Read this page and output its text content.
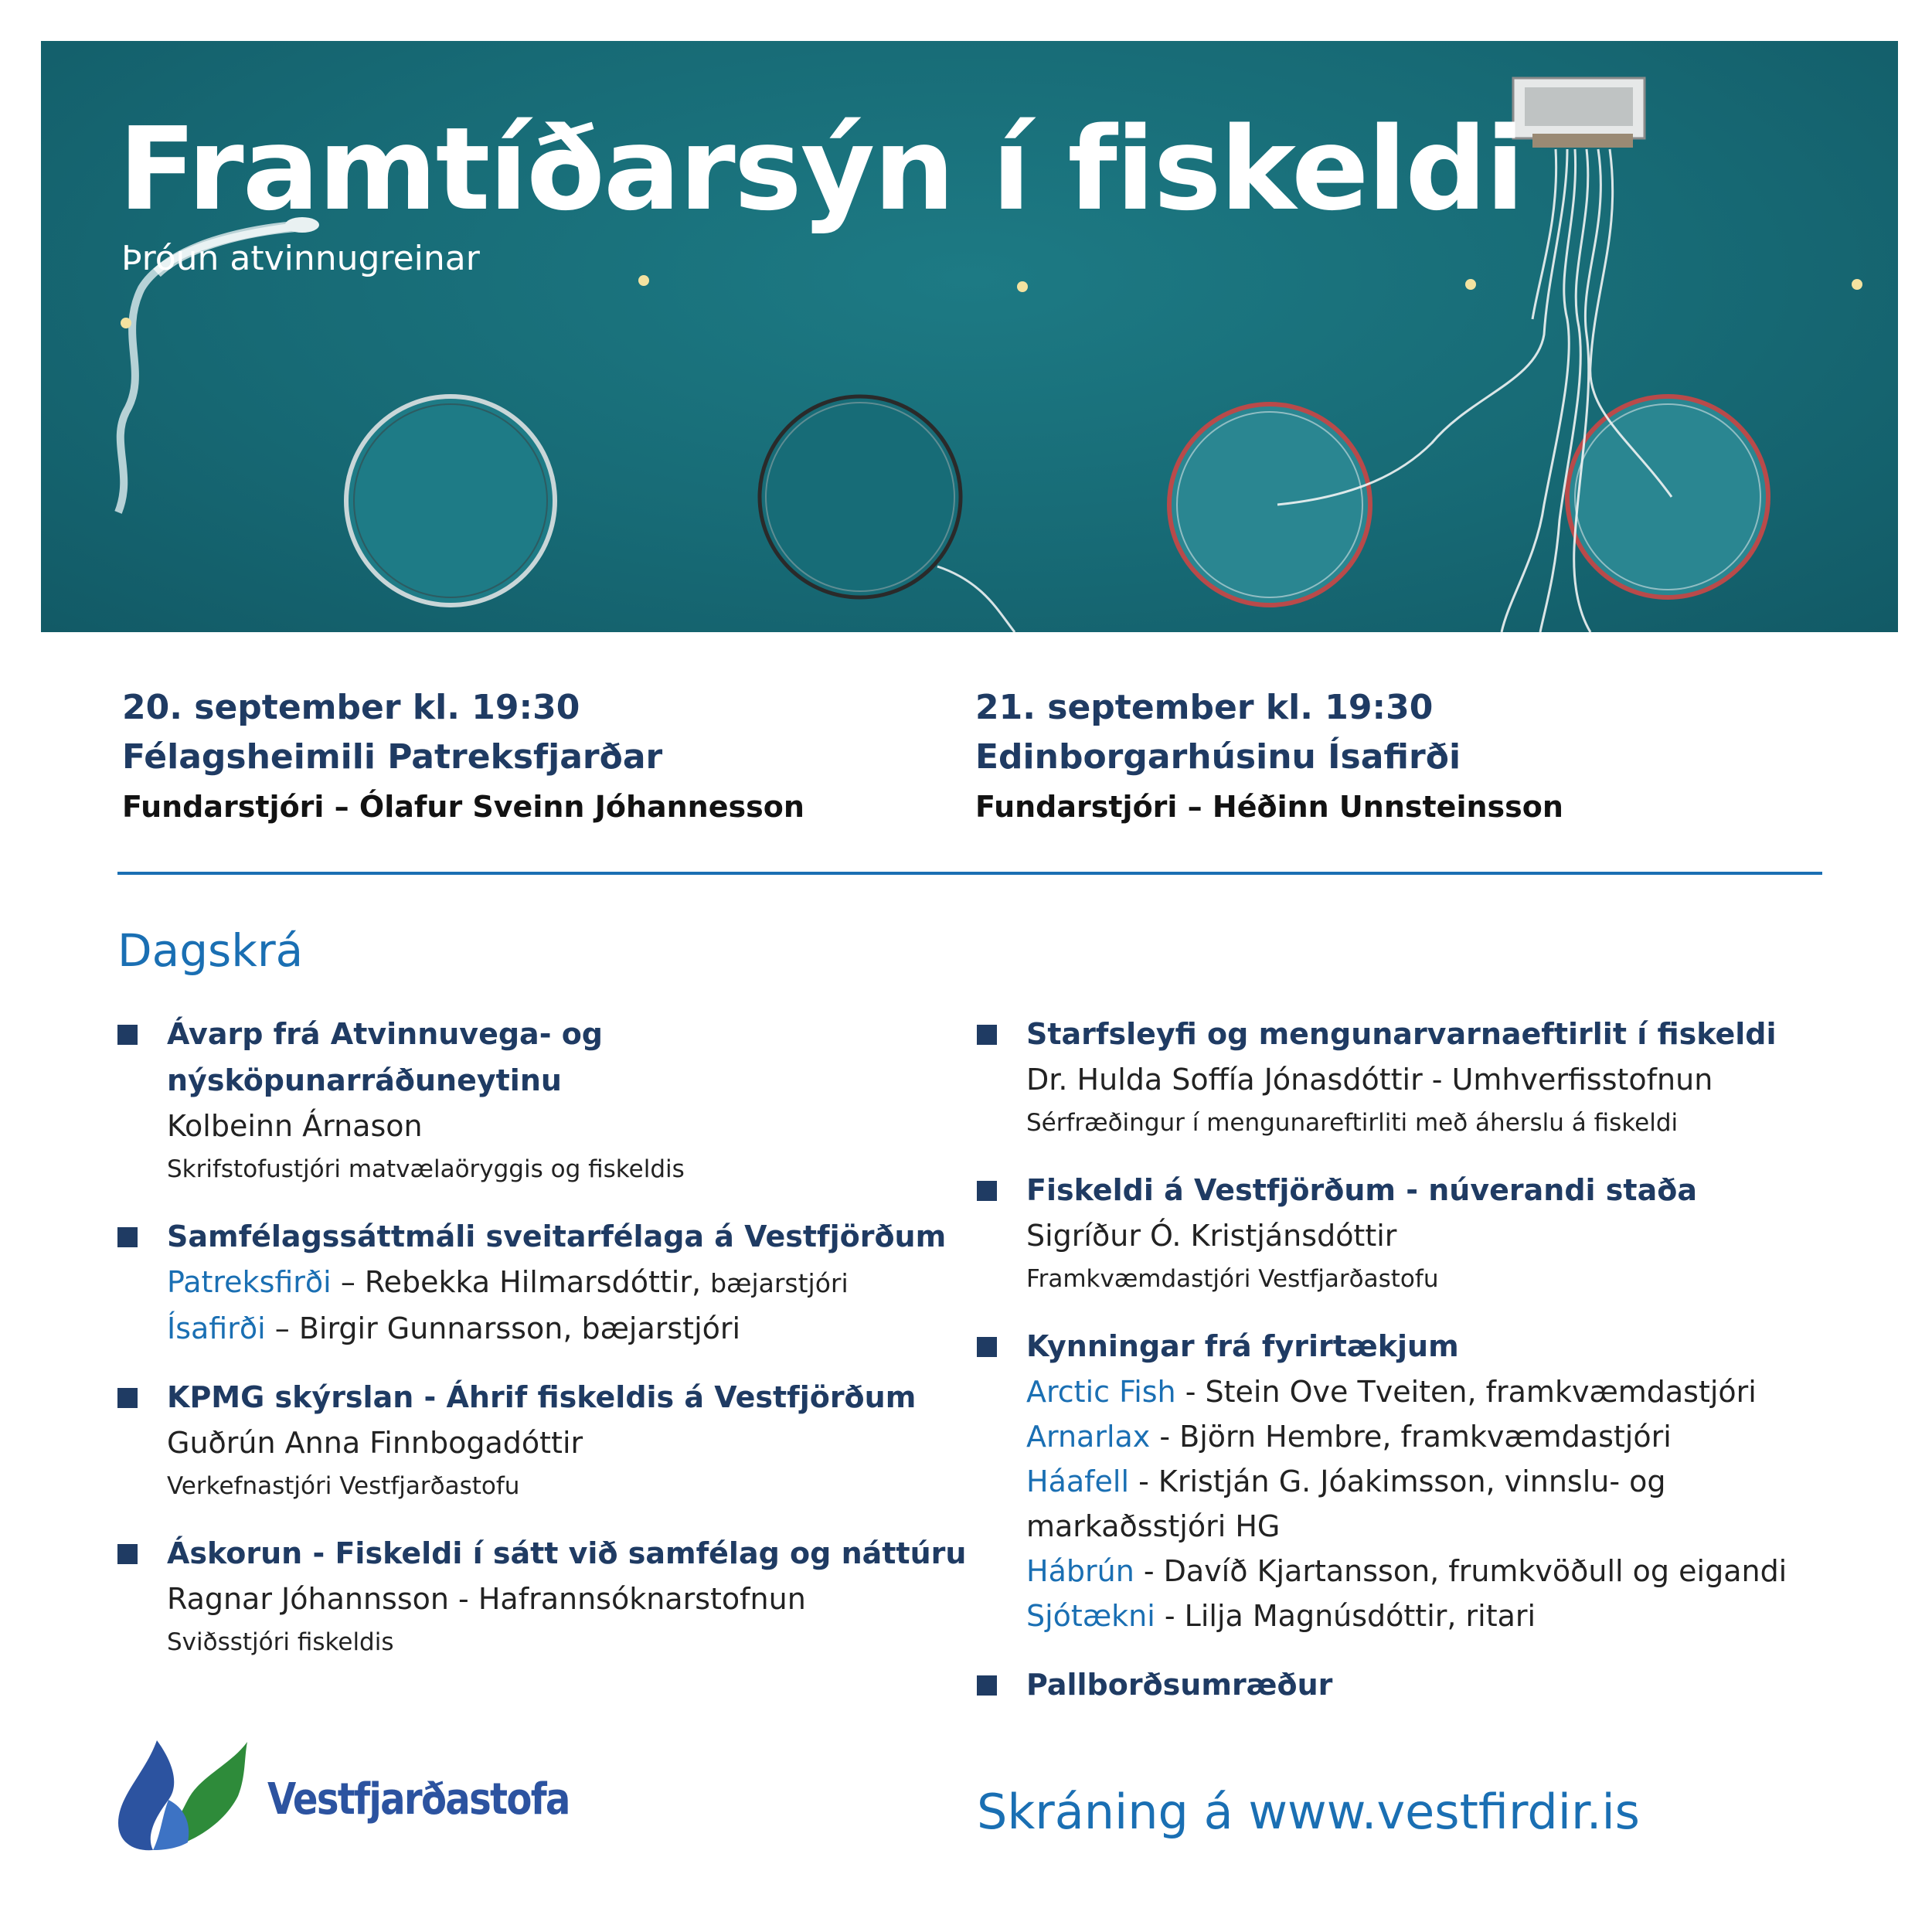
Framtíðarsýn í fiskeldi
Þróun atvinnugreinar
20. september kl. 19:30
Félagsheimili Patreksfjarðar
Fundarstjóri – Ólafur Sveinn Jóhannesson
21. september kl. 19:30
Edinborgarhúsinu Ísafirði
Fundarstjóri – Héðinn Unnsteinsson
Dagskrá
Ávarp frá Atvinnuvega- og nýsköpunarráðuneytinu
Kolbeinn Árnason
Skrifstofustjóri matvælaöryggis og fiskeldis
Samfélagssáttmáli sveitarfélaga á Vestfjörðum
Patreksfirði – Rebekka Hilmarsdóttir, bæjarstjóri
Ísafirði – Birgir Gunnarsson, bæjarstjóri
KPMG skýrslan - Áhrif fiskeldis á Vestfjörðum
Guðrún Anna Finnbogadóttir
Verkefnastjóri Vestfjarðastofu
Áskorun - Fiskeldi í sátt við samfélag og náttúru
Ragnar Jóhannsson - Hafrannsóknarstofnun
Sviðsstjóri fiskeldis
Starfsleyfi og mengunarvarnaeftirlit í fiskeldi
Dr. Hulda Soffía Jónasdóttir - Umhverfisstofnun
Sérfræðingur í mengunareftirliti með áherslu á fiskeldi
Fiskeldi á Vestfjörðum - núverandi staða
Sigríður Ó. Kristjánsdóttir
Framkvæmdastjóri Vestfjarðastofu
Kynningar frá fyrirtækjum
Arctic Fish - Stein Ove Tveiten, framkvæmdastjóri
Arnarlax - Björn Hembre, framkvæmdastjóri
Háafell - Kristján G. Jóakimsson, vinnslu- og
markaðsstjóri HG
Hábrún - Davíð Kjartansson, frumkvöðull og eigandi
Sjótækni - Lilja Magnúsdóttir, ritari
Pallborðsumræður
Vestfjarðastofa	Skráning á www.vestfirdir.is
